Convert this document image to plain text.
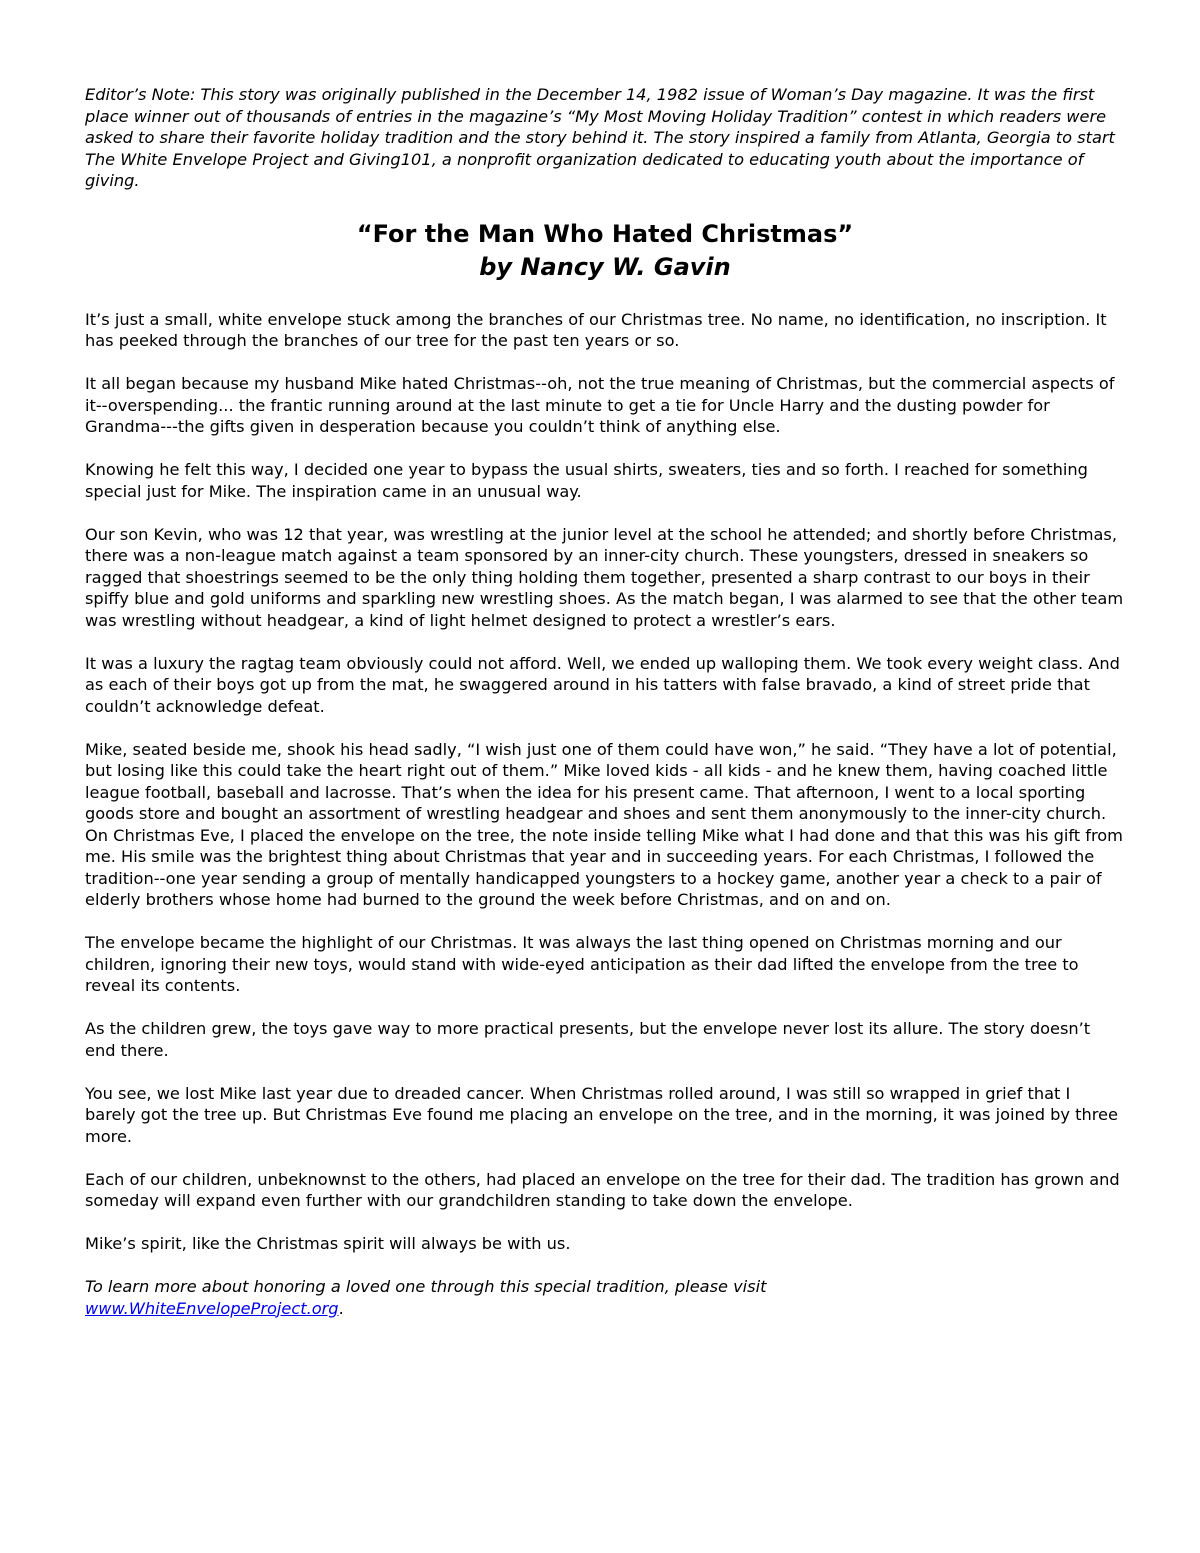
Editor’s Note: This story was originally published in the December 14, 1982 issue of Woman’s Day magazine. It was the first place winner out of thousands of entries in the magazine’s “My Most Moving Holiday Tradition” contest in which readers were asked to share their favorite holiday tradition and the story behind it. The story inspired a family from Atlanta, Georgia to start The White Envelope Project and Giving101, a nonprofit organization dedicated to educating youth about the importance of giving.

“For the Man Who Hated Christmas”
by Nancy W. Gavin

It’s just a small, white envelope stuck among the branches of our Christmas tree. No name, no identification, no inscription. It has peeked through the branches of our tree for the past ten years or so.

It all began because my husband Mike hated Christmas--oh, not the true meaning of Christmas, but the commercial aspects of it--overspending... the frantic running around at the last minute to get a tie for Uncle Harry and the dusting powder for Grandma---the gifts given in desperation because you couldn’t think of anything else.

Knowing he felt this way, I decided one year to bypass the usual shirts, sweaters, ties and so forth. I reached for something special just for Mike. The inspiration came in an unusual way.

Our son Kevin, who was 12 that year, was wrestling at the junior level at the school he attended; and shortly before Christmas, there was a non-league match against a team sponsored by an inner-city church. These youngsters, dressed in sneakers so ragged that shoestrings seemed to be the only thing holding them together, presented a sharp contrast to our boys in their spiffy blue and gold uniforms and sparkling new wrestling shoes. As the match began, I was alarmed to see that the other team was wrestling without headgear, a kind of light helmet designed to protect a wrestler’s ears.

It was a luxury the ragtag team obviously could not afford. Well, we ended up walloping them. We took every weight class. And as each of their boys got up from the mat, he swaggered around in his tatters with false bravado, a kind of street pride that couldn’t acknowledge defeat.

Mike, seated beside me, shook his head sadly, “I wish just one of them could have won,” he said. “They have a lot of potential, but losing like this could take the heart right out of them.” Mike loved kids - all kids - and he knew them, having coached little league football, baseball and lacrosse. That’s when the idea for his present came. That afternoon, I went to a local sporting goods store and bought an assortment of wrestling headgear and shoes and sent them anonymously to the inner-city church. On Christmas Eve, I placed the envelope on the tree, the note inside telling Mike what I had done and that this was his gift from me. His smile was the brightest thing about Christmas that year and in succeeding years. For each Christmas, I followed the tradition--one year sending a group of mentally handicapped youngsters to a hockey game, another year a check to a pair of elderly brothers whose home had burned to the ground the week before Christmas, and on and on.

The envelope became the highlight of our Christmas. It was always the last thing opened on Christmas morning and our children, ignoring their new toys, would stand with wide-eyed anticipation as their dad lifted the envelope from the tree to reveal its contents.

As the children grew, the toys gave way to more practical presents, but the envelope never lost its allure. The story doesn’t end there.

You see, we lost Mike last year due to dreaded cancer. When Christmas rolled around, I was still so wrapped in grief that I barely got the tree up. But Christmas Eve found me placing an envelope on the tree, and in the morning, it was joined by three more.

Each of our children, unbeknownst to the others, had placed an envelope on the tree for their dad. The tradition has grown and someday will expand even further with our grandchildren standing to take down the envelope.

Mike’s spirit, like the Christmas spirit will always be with us.

To learn more about honoring a loved one through this special tradition, please visit
www.WhiteEnvelopeProject.org.
